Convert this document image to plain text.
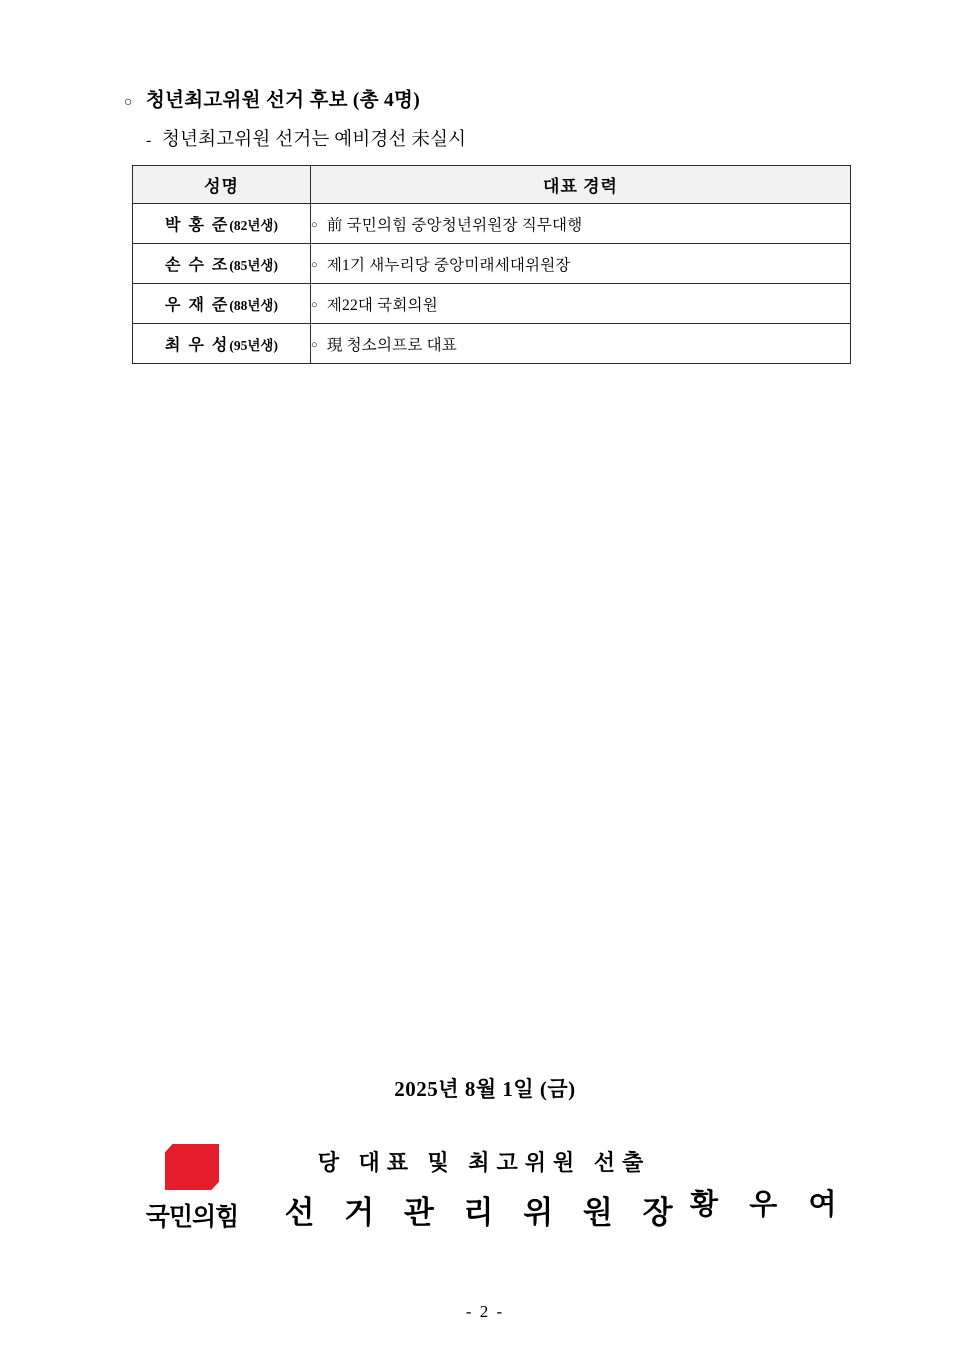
○ 청년최고위원 선거 후보 (총 4명)
- 청년최고위원 선거는 예비경선 未실시
성명	대표 경력
박 홍 준(82년생)	○ 前 국민의힘 중앙청년위원장 직무대행
손 수 조(85년생)	○ 제1기 새누리당 중앙미래세대위원장
우 재 준(88년생)	○ 제22대 국회의원
최 우 성(95년생)	○ 現 청소의프로 대표
2025년 8월 1일 (금)
국민의힘
당 대표 및 최고위원 선출
선 거 관 리 위 원 장 황 우 여
- 2 -
